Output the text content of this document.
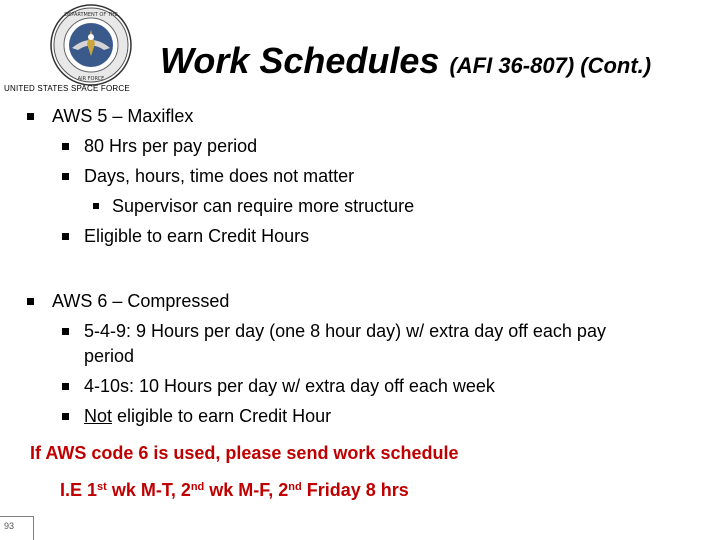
DEPARTMENT OF THE
AIR FORCE
UNITED STATES SPACE FORCE
Work Schedules (AFI 36-807) (Cont.)
AWS 5 – Maxiflex
80 Hrs per pay period
Days, hours, time does not matter
Supervisor can require more structure
Eligible to earn Credit Hours
AWS 6 – Compressed
5-4-9: 9 Hours per day (one 8 hour day) w/ extra day off each pay
period
4-10s: 10 Hours per day w/ extra day off each week
Not eligible to earn Credit Hour
If AWS code 6 is used, please send work schedule
I.E 1st wk M-T, 2nd wk M-F, 2nd Friday 8 hrs
93
